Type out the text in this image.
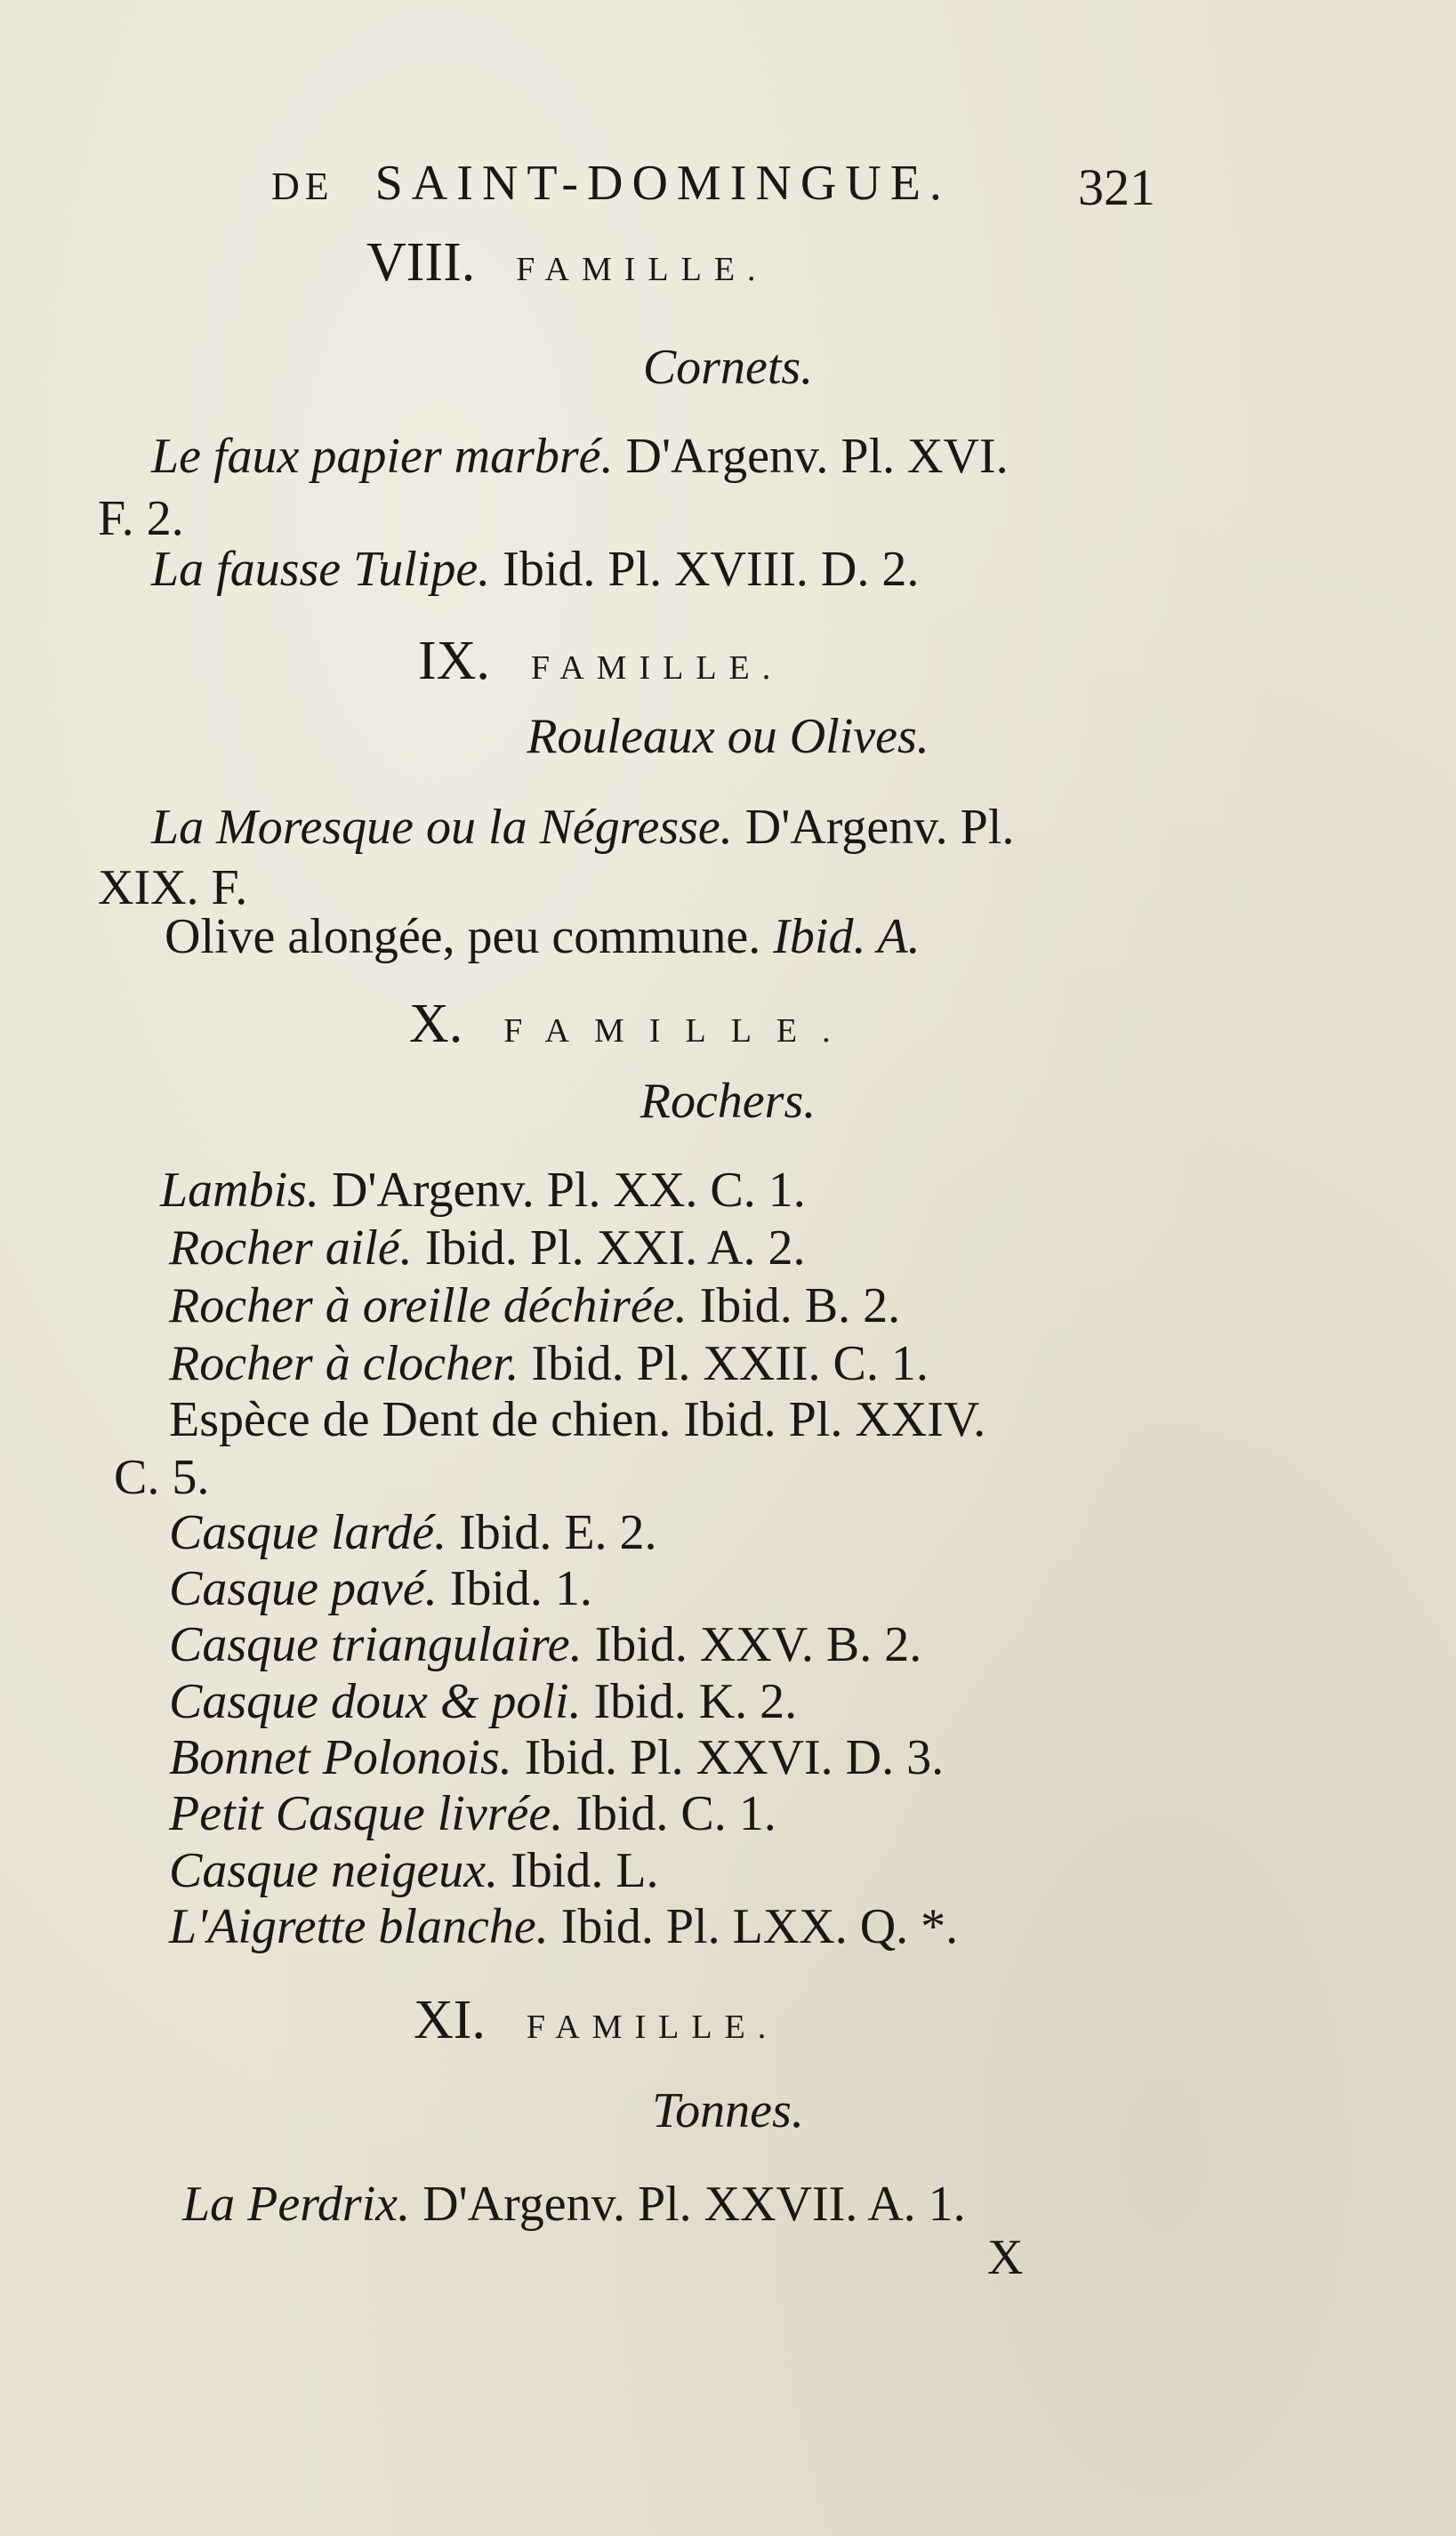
DE SAINT-DOMINGUE. 321
VIII. FAMILLE.
Cornets.
Le faux papier marbré. D'Argenv. Pl. XVI.
F. 2.
La fausse Tulipe. Ibid. Pl. XVIII. D. 2.
IX. FAMILLE.
Rouleaux ou Olives.
La Moresque ou la Négresse. D'Argenv. Pl.
XIX. F.
Olive alongée, peu commune. Ibid. A.
X. FAMILLE.
Rochers.
Lambis. D'Argenv. Pl. XX. C. 1.
Rocher ailé. Ibid. Pl. XXI. A. 2.
Rocher à oreille déchirée. Ibid. B. 2.
Rocher à clocher. Ibid. Pl. XXII. C. 1.
Espèce de Dent de chien. Ibid. Pl. XXIV.
C. 5.
Casque lardé. Ibid. E. 2.
Casque pavé. Ibid. 1.
Casque triangulaire. Ibid. XXV. B. 2.
Casque doux & poli. Ibid. K. 2.
Bonnet Polonois. Ibid. Pl. XXVI. D. 3.
Petit Casque livrée. Ibid. C. 1.
Casque neigeux. Ibid. L.
L'Aigrette blanche. Ibid. Pl. LXX. Q. *.
XI. FAMILLE.
Tonnes.
La Perdrix. D'Argenv. Pl. XXVII. A. 1.
X
